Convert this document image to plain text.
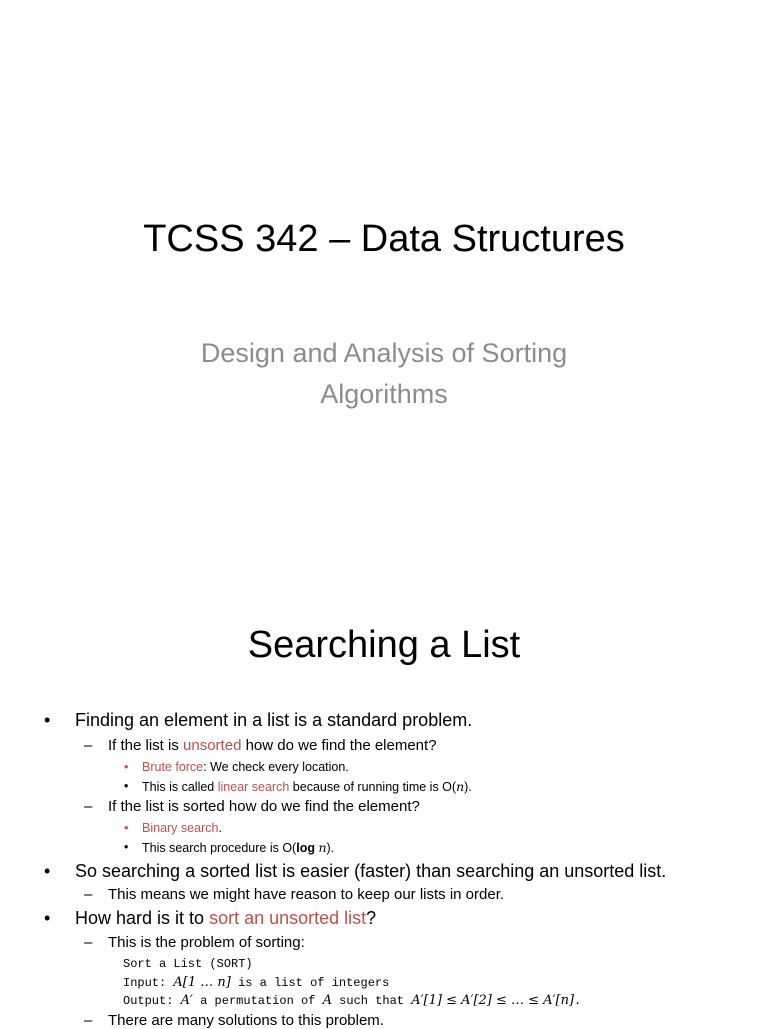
TCSS 342 – Data Structures
Design and Analysis of Sorting
Algorithms
Searching a List
• Finding an element in a list is a standard problem.
– If the list is unsorted how do we find the element?
• Brute force: We check every location.
• This is called linear search because of running time is O(n).
– If the list is sorted how do we find the element?
• Binary search.
• This search procedure is O(log n).
• So searching a sorted list is easier (faster) than searching an unsorted list.
– This means we might have reason to keep our lists in order.
• How hard is it to sort an unsorted list?
– This is the problem of sorting:
Sort a List (SORT)
Input: A[1 … n] is a list of integers
Output: A′ a permutation of A such that A′[1] ≤ A′[2] ≤ … ≤ A′[n].
– There are many solutions to this problem.
